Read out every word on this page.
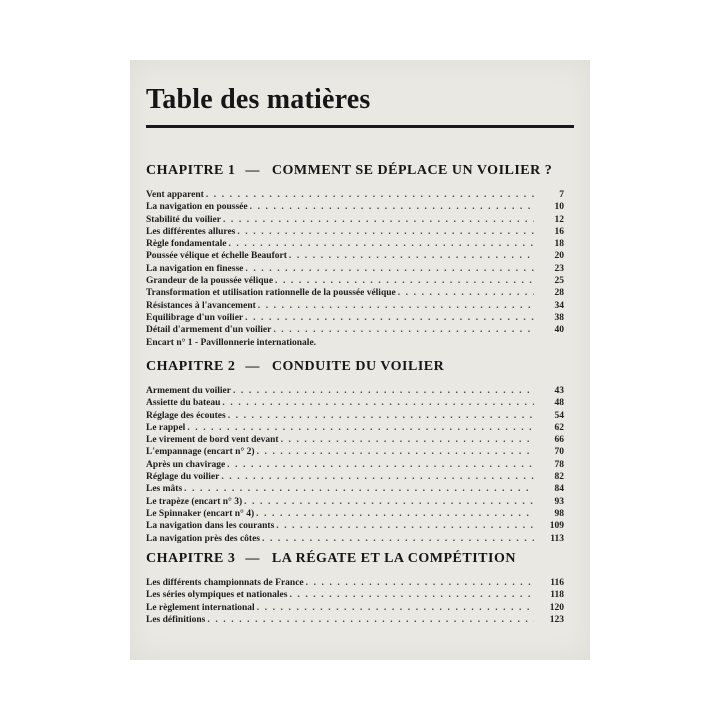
Table des matières
CHAPITRE 1 — COMMENT SE DÉPLACE UN VOILIER ?
Vent apparent . . .	7
La navigation en poussée . . .	10
Stabilité du voilier . . .	12
Les différentes allures . . .	16
Règle fondamentale . . .	18
Poussée vélique et échelle Beaufort . . .	20
La navigation en finesse . . .	23
Grandeur de la poussée vélique . . .	25
Transformation et utilisation rationnelle de la poussée vélique . . .	28
Résistances à l'avancement . . .	34
Equilibrage d'un voilier . . .	38
Détail d'armement d'un voilier . . .	40
Encart n° 1 - Pavillonnerie internationale.
CHAPITRE 2 — CONDUITE DU VOILIER
Armement du voilier . . .	43
Assiette du bateau . . .	48
Réglage des écoutes . . .	54
Le rappel . . .	62
Le virement de bord vent devant . . .	66
L'empannage (encart n° 2) . . .	70
Après un chavirage . . .	78
Réglage du voilier . . .	82
Les mâts . . .	84
Le trapèze (encart n° 3) . . .	93
Le Spinnaker (encart n° 4) . . .	98
La navigation dans les courants . . .	109
La navigation près des côtes . . .	113
CHAPITRE 3 — LA RÉGATE ET LA COMPÉTITION
Les différents championnats de France . . .	116
Les séries olympiques et nationales . . .	118
Le règlement international . . .	120
Les définitions . . .	123
